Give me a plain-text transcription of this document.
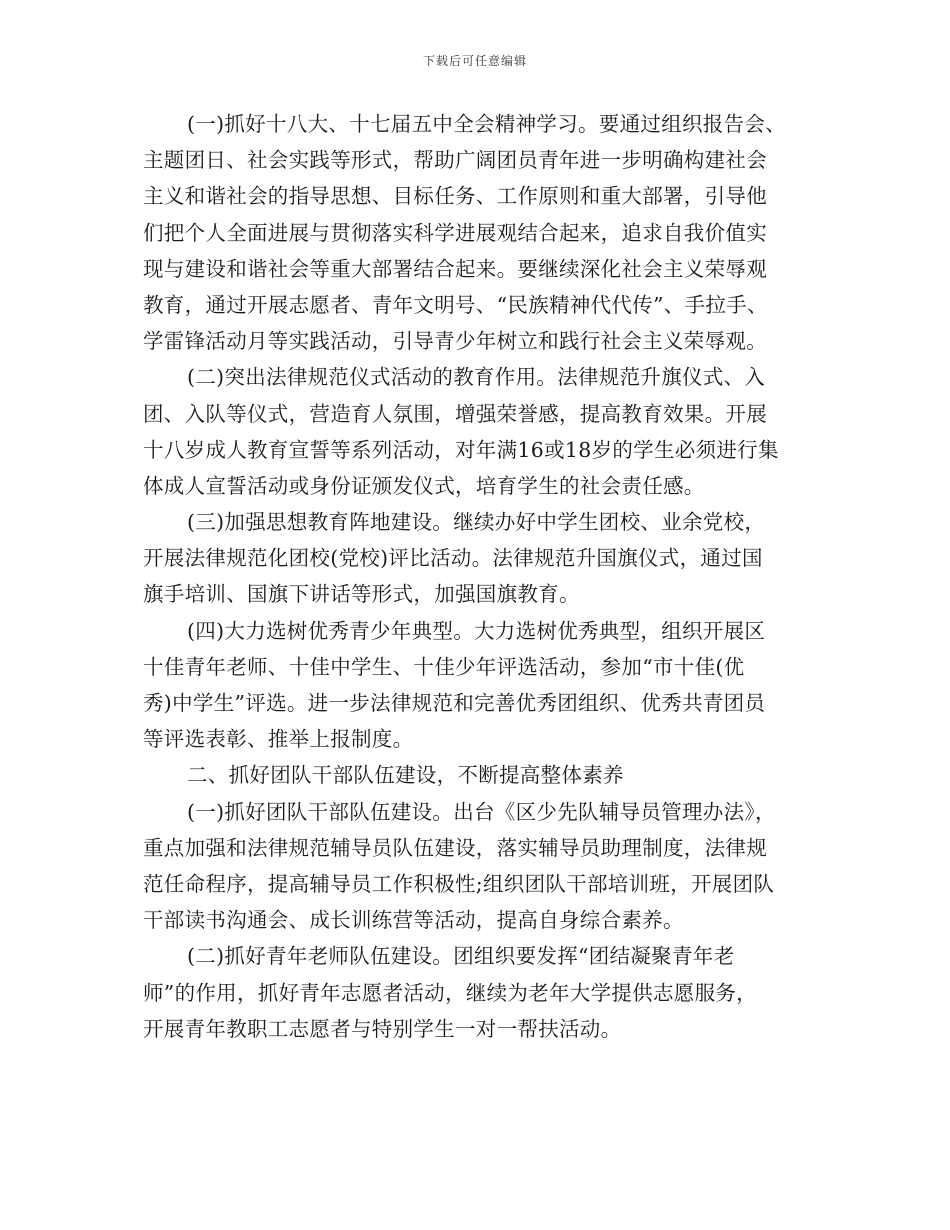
下载后可任意编辑
(一)抓好十八大、十七届五中全会精神学习。要通过组织报告会、
主题团日、社会实践等形式，帮助广阔团员青年进一步明确构建社会
主义和谐社会的指导思想、目标任务、工作原则和重大部署，引导他
们把个人全面进展与贯彻落实科学进展观结合起来，追求自我价值实
现与建设和谐社会等重大部署结合起来。要继续深化社会主义荣辱观
教育，通过开展志愿者、青年文明号、“民族精神代代传”、手拉手、
学雷锋活动月等实践活动，引导青少年树立和践行社会主义荣辱观。
(二)突出法律规范仪式活动的教育作用。法律规范升旗仪式、入
团、入队等仪式，营造育人氛围，增强荣誉感，提高教育效果。开展
十八岁成人教育宣誓等系列活动，对年满16或18岁的学生必须进行集
体成人宣誓活动或身份证颁发仪式，培育学生的社会责任感。
(三)加强思想教育阵地建设。继续办好中学生团校、业余党校，
开展法律规范化团校(党校)评比活动。法律规范升国旗仪式，通过国
旗手培训、国旗下讲话等形式，加强国旗教育。
(四)大力选树优秀青少年典型。大力选树优秀典型，组织开展区
十佳青年老师、十佳中学生、十佳少年评选活动，参加“市十佳(优
秀)中学生”评选。进一步法律规范和完善优秀团组织、优秀共青团员
等评选表彰、推举上报制度。
二、抓好团队干部队伍建设，不断提高整体素养
(一)抓好团队干部队伍建设。出台《区少先队辅导员管理办法》，
重点加强和法律规范辅导员队伍建设，落实辅导员助理制度，法律规
范任命程序，提高辅导员工作积极性;组织团队干部培训班，开展团队
干部读书沟通会、成长训练营等活动，提高自身综合素养。
(二)抓好青年老师队伍建设。团组织要发挥“团结凝聚青年老
师”的作用，抓好青年志愿者活动，继续为老年大学提供志愿服务，
开展青年教职工志愿者与特别学生一对一帮扶活动。
